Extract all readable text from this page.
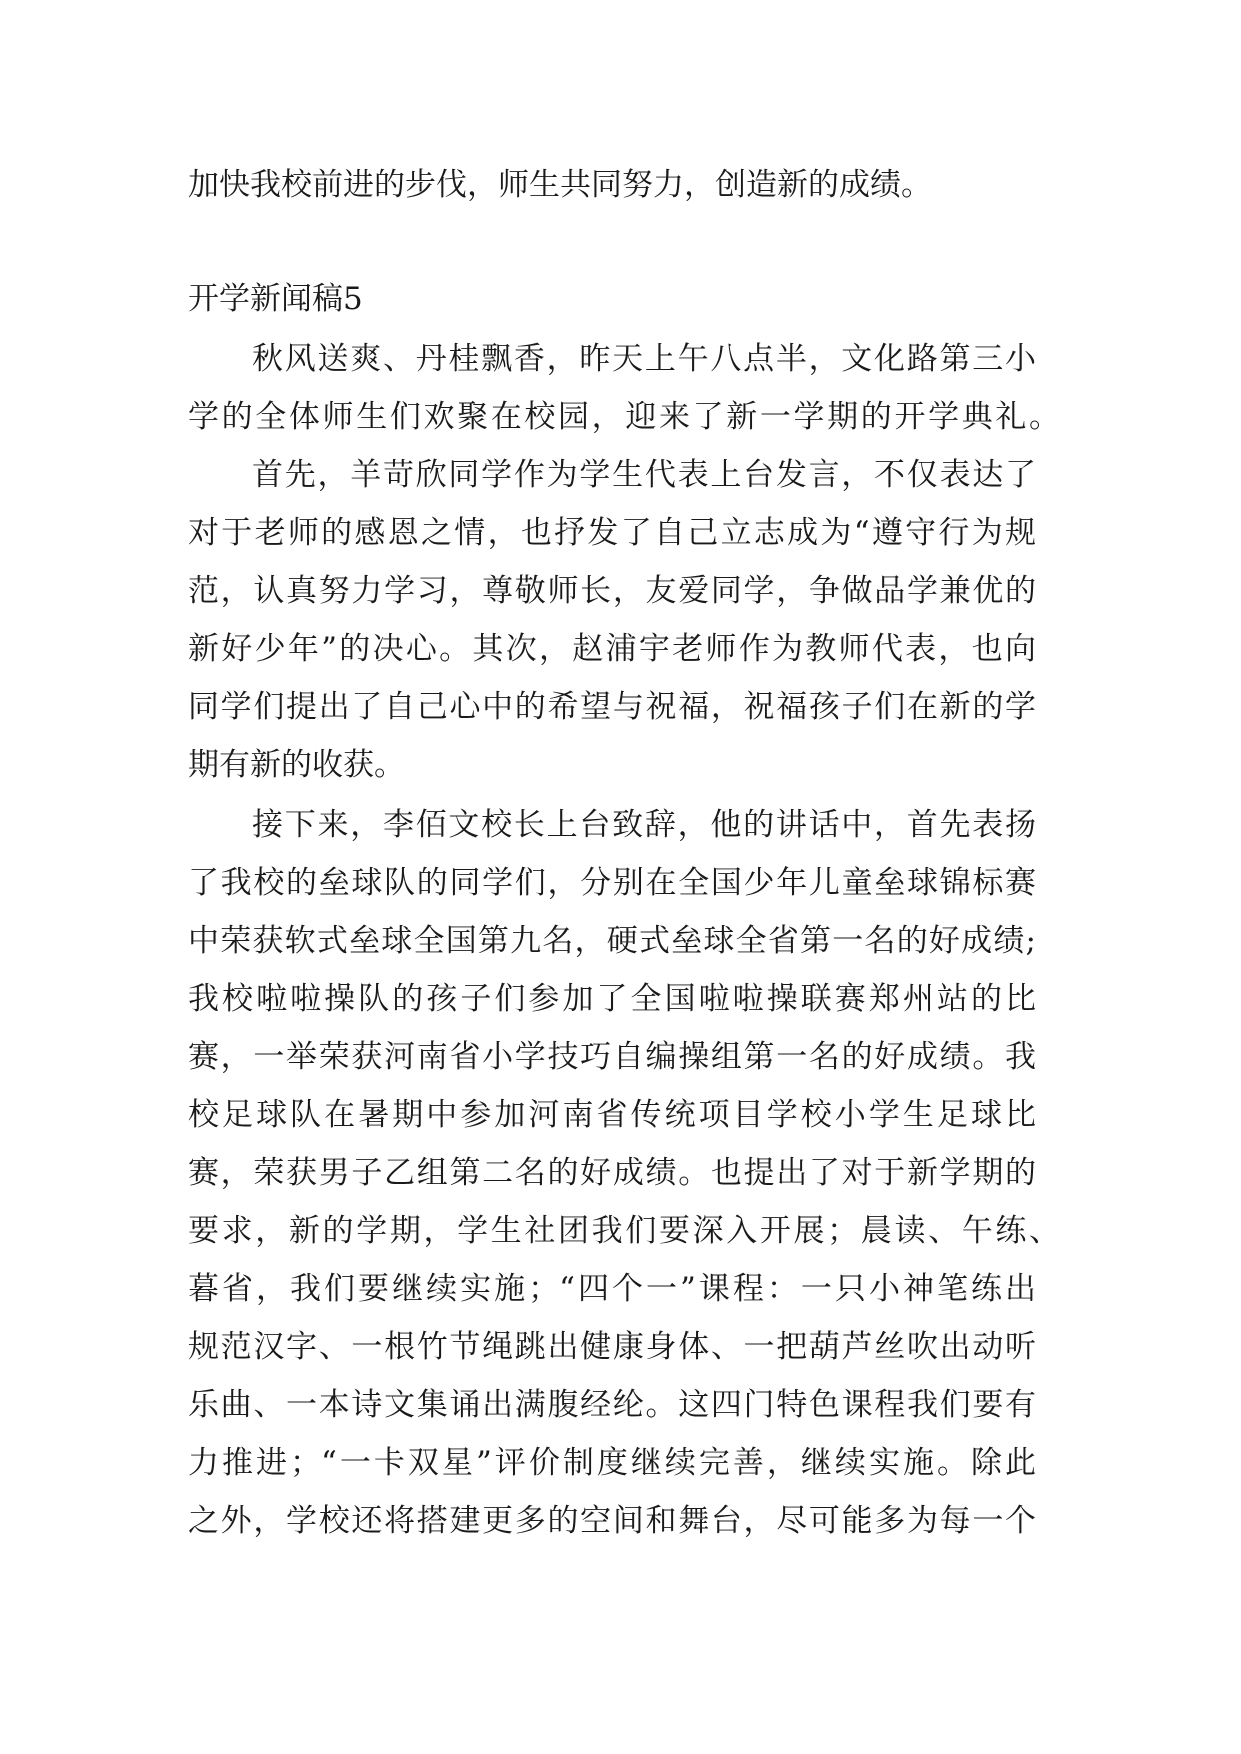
加快我校前进的步伐，师生共同努力，创造新的成绩。
开学新闻稿5
秋风送爽、丹桂飘香，昨天上午八点半，文化路第三小
学的全体师生们欢聚在校园，迎来了新一学期的开学典礼。
首先，羊苛欣同学作为学生代表上台发言，不仅表达了
对于老师的感恩之情，也抒发了自己立志成为“遵守行为规
范，认真努力学习，尊敬师长，友爱同学，争做品学兼优的
新好少年”的决心。其次，赵浦宇老师作为教师代表，也向
同学们提出了自己心中的希望与祝福，祝福孩子们在新的学
期有新的收获。
接下来，李佰文校长上台致辞，他的讲话中，首先表扬
了我校的垒球队的同学们，分别在全国少年儿童垒球锦标赛
中荣获软式垒球全国第九名，硬式垒球全省第一名的好成绩;
我校啦啦操队的孩子们参加了全国啦啦操联赛郑州站的比
赛，一举荣获河南省小学技巧自编操组第一名的好成绩。我
校足球队在暑期中参加河南省传统项目学校小学生足球比
赛，荣获男子乙组第二名的好成绩。也提出了对于新学期的
要求，新的学期，学生社团我们要深入开展；晨读、午练、
暮省，我们要继续实施；“四个一”课程：一只小神笔练出
规范汉字、一根竹节绳跳出健康身体、一把葫芦丝吹出动听
乐曲、一本诗文集诵出满腹经纶。这四门特色课程我们要有
力推进；“一卡双星”评价制度继续完善，继续实施。除此
之外，学校还将搭建更多的空间和舞台，尽可能多为每一个
